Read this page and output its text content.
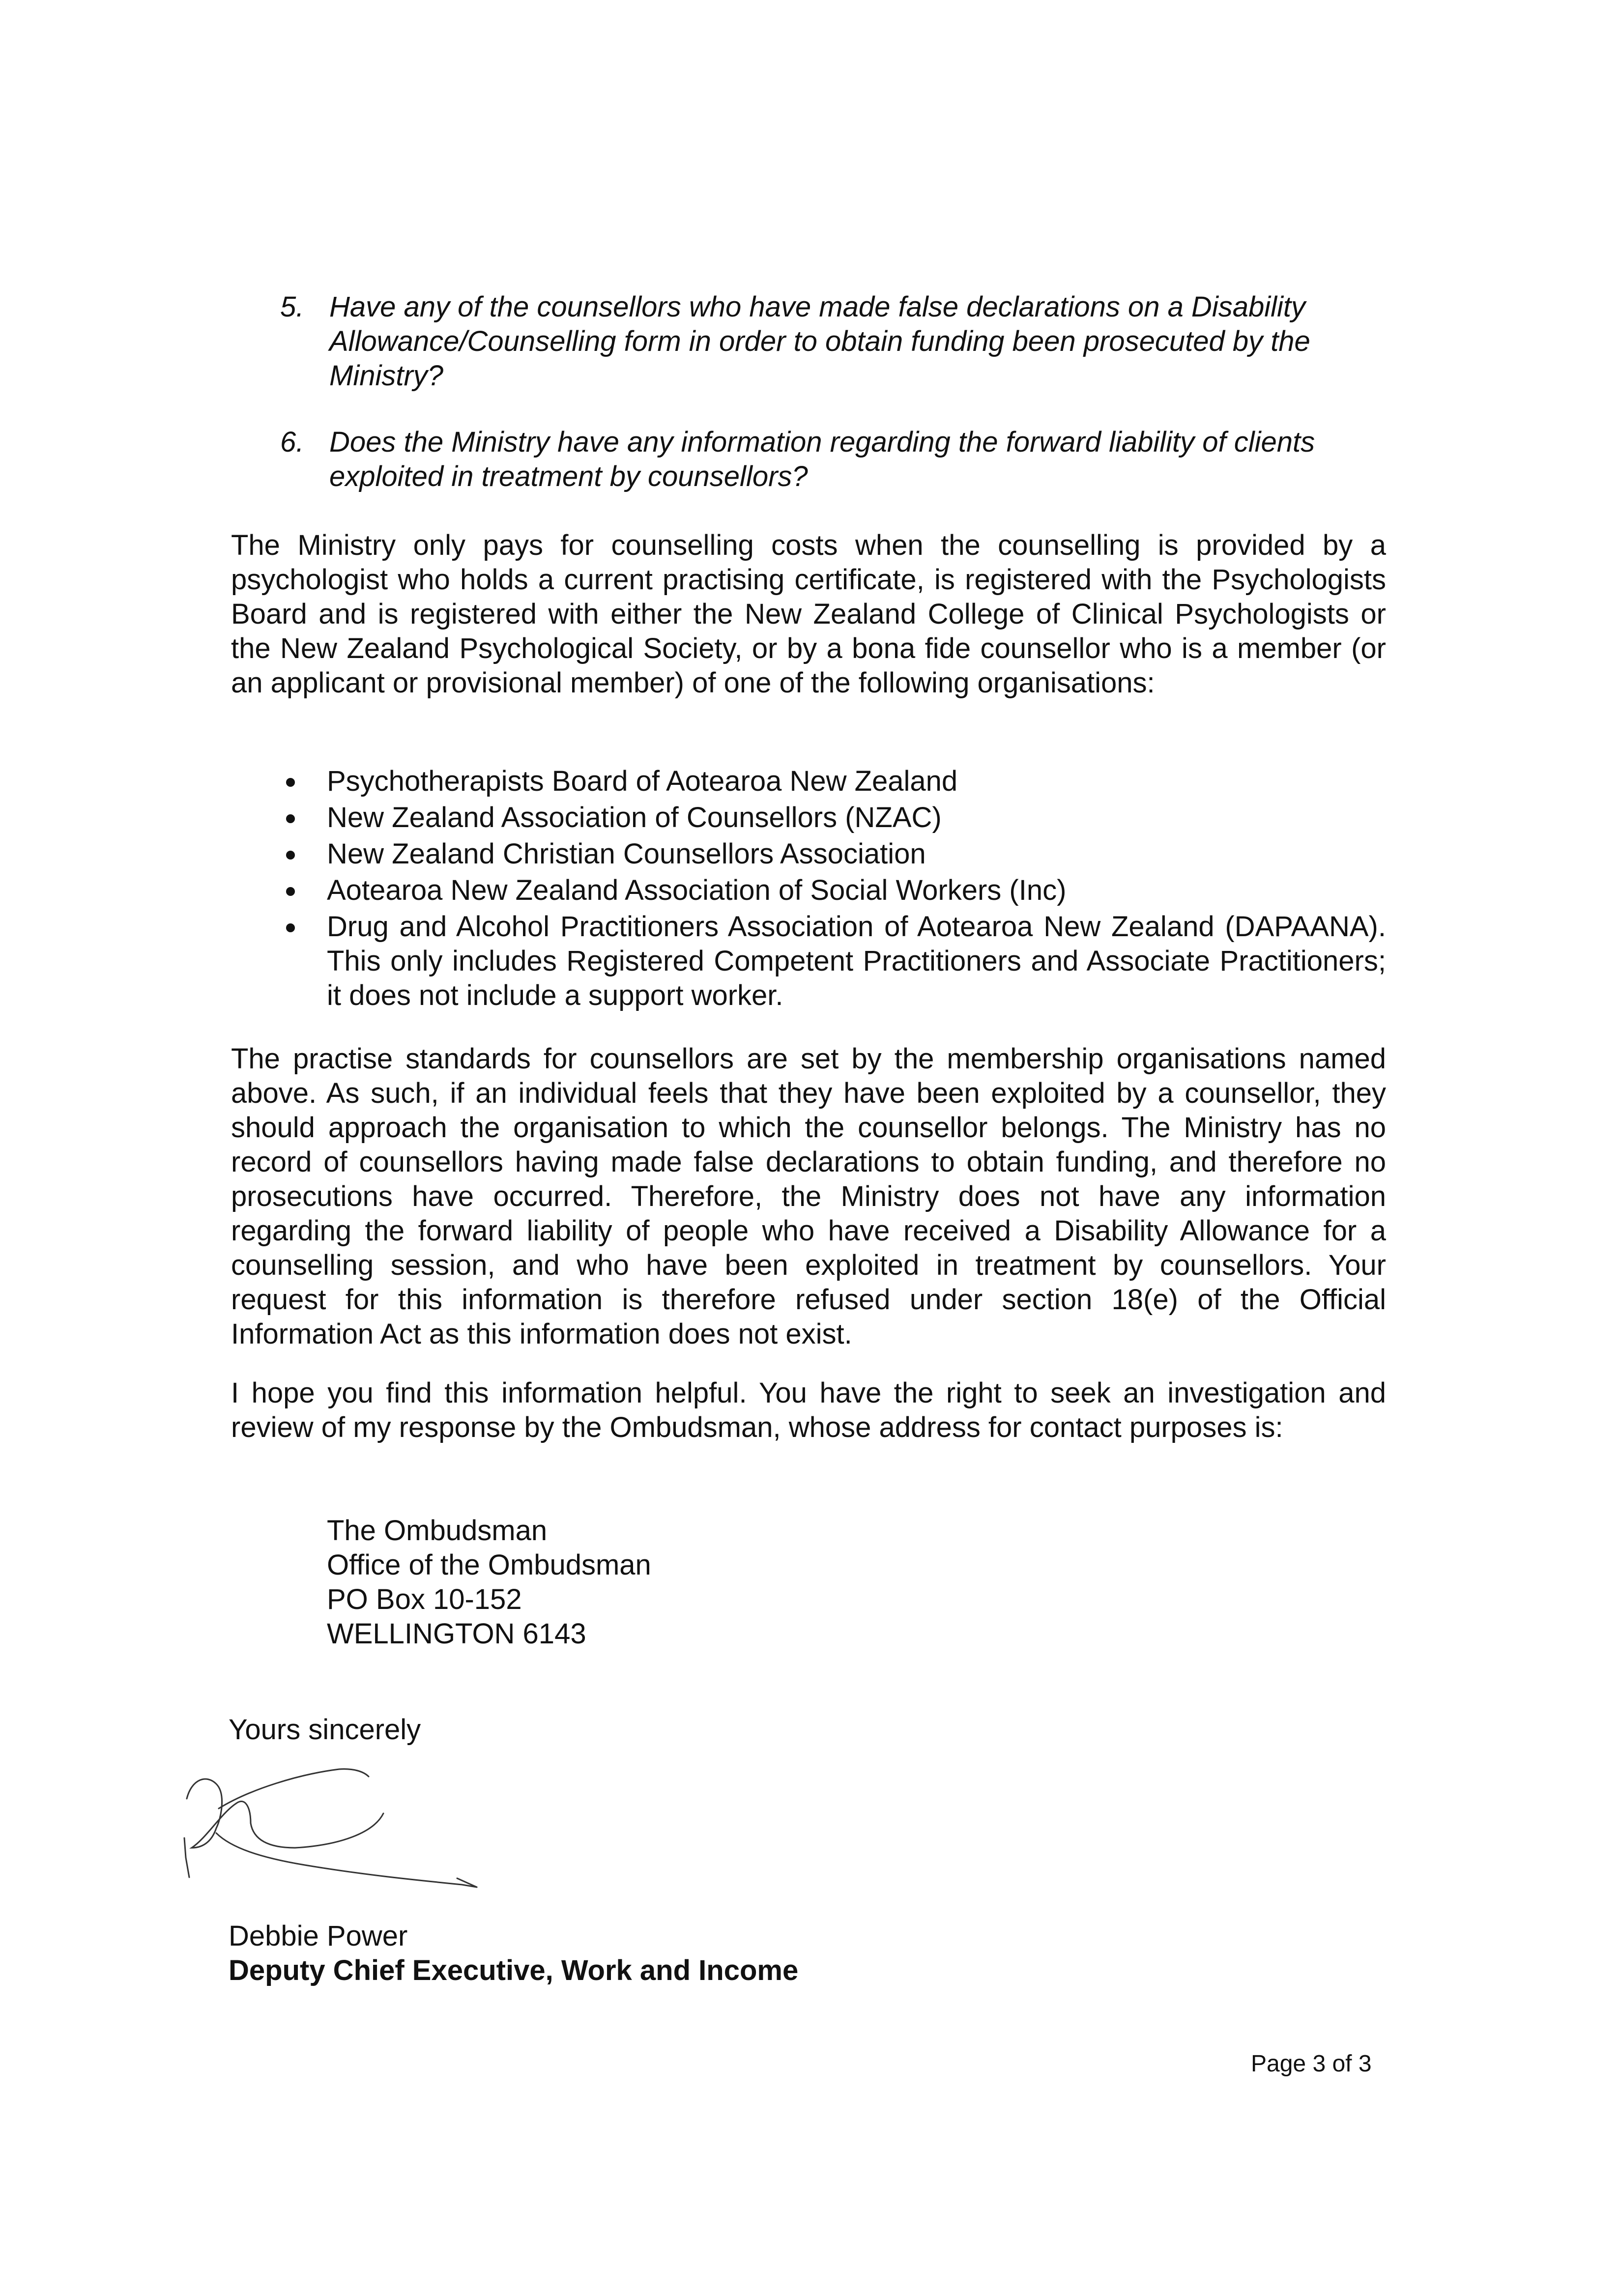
5. Have any of the counsellors who have made false declarations on a Disability Allowance/Counselling form in order to obtain funding been prosecuted by the Ministry?
6. Does the Ministry have any information regarding the forward liability of clients exploited in treatment by counsellors?

The Ministry only pays for counselling costs when the counselling is provided by a psychologist who holds a current practising certificate, is registered with the Psychologists Board and is registered with either the New Zealand College of Clinical Psychologists or the New Zealand Psychological Society, or by a bona fide counsellor who is a member (or an applicant or provisional member) of one of the following organisations:

Psychotherapists Board of Aotearoa New Zealand
New Zealand Association of Counsellors (NZAC)
New Zealand Christian Counsellors Association
Aotearoa New Zealand Association of Social Workers (Inc)
Drug and Alcohol Practitioners Association of Aotearoa New Zealand (DAPAANA). This only includes Registered Competent Practitioners and Associate Practitioners; it does not include a support worker.

The practise standards for counsellors are set by the membership organisations named above. As such, if an individual feels that they have been exploited by a counsellor, they should approach the organisation to which the counsellor belongs. The Ministry has no record of counsellors having made false declarations to obtain funding, and therefore no prosecutions have occurred. Therefore, the Ministry does not have any information regarding the forward liability of people who have received a Disability Allowance for a counselling session, and who have been exploited in treatment by counsellors. Your request for this information is therefore refused under section 18(e) of the Official Information Act as this information does not exist.

I hope you find this information helpful. You have the right to seek an investigation and review of my response by the Ombudsman, whose address for contact purposes is:

The Ombudsman
Office of the Ombudsman
PO Box 10-152
WELLINGTON 6143
Yours sincerely
Debbie Power
Deputy Chief Executive, Work and Income
Page 3 of 3
